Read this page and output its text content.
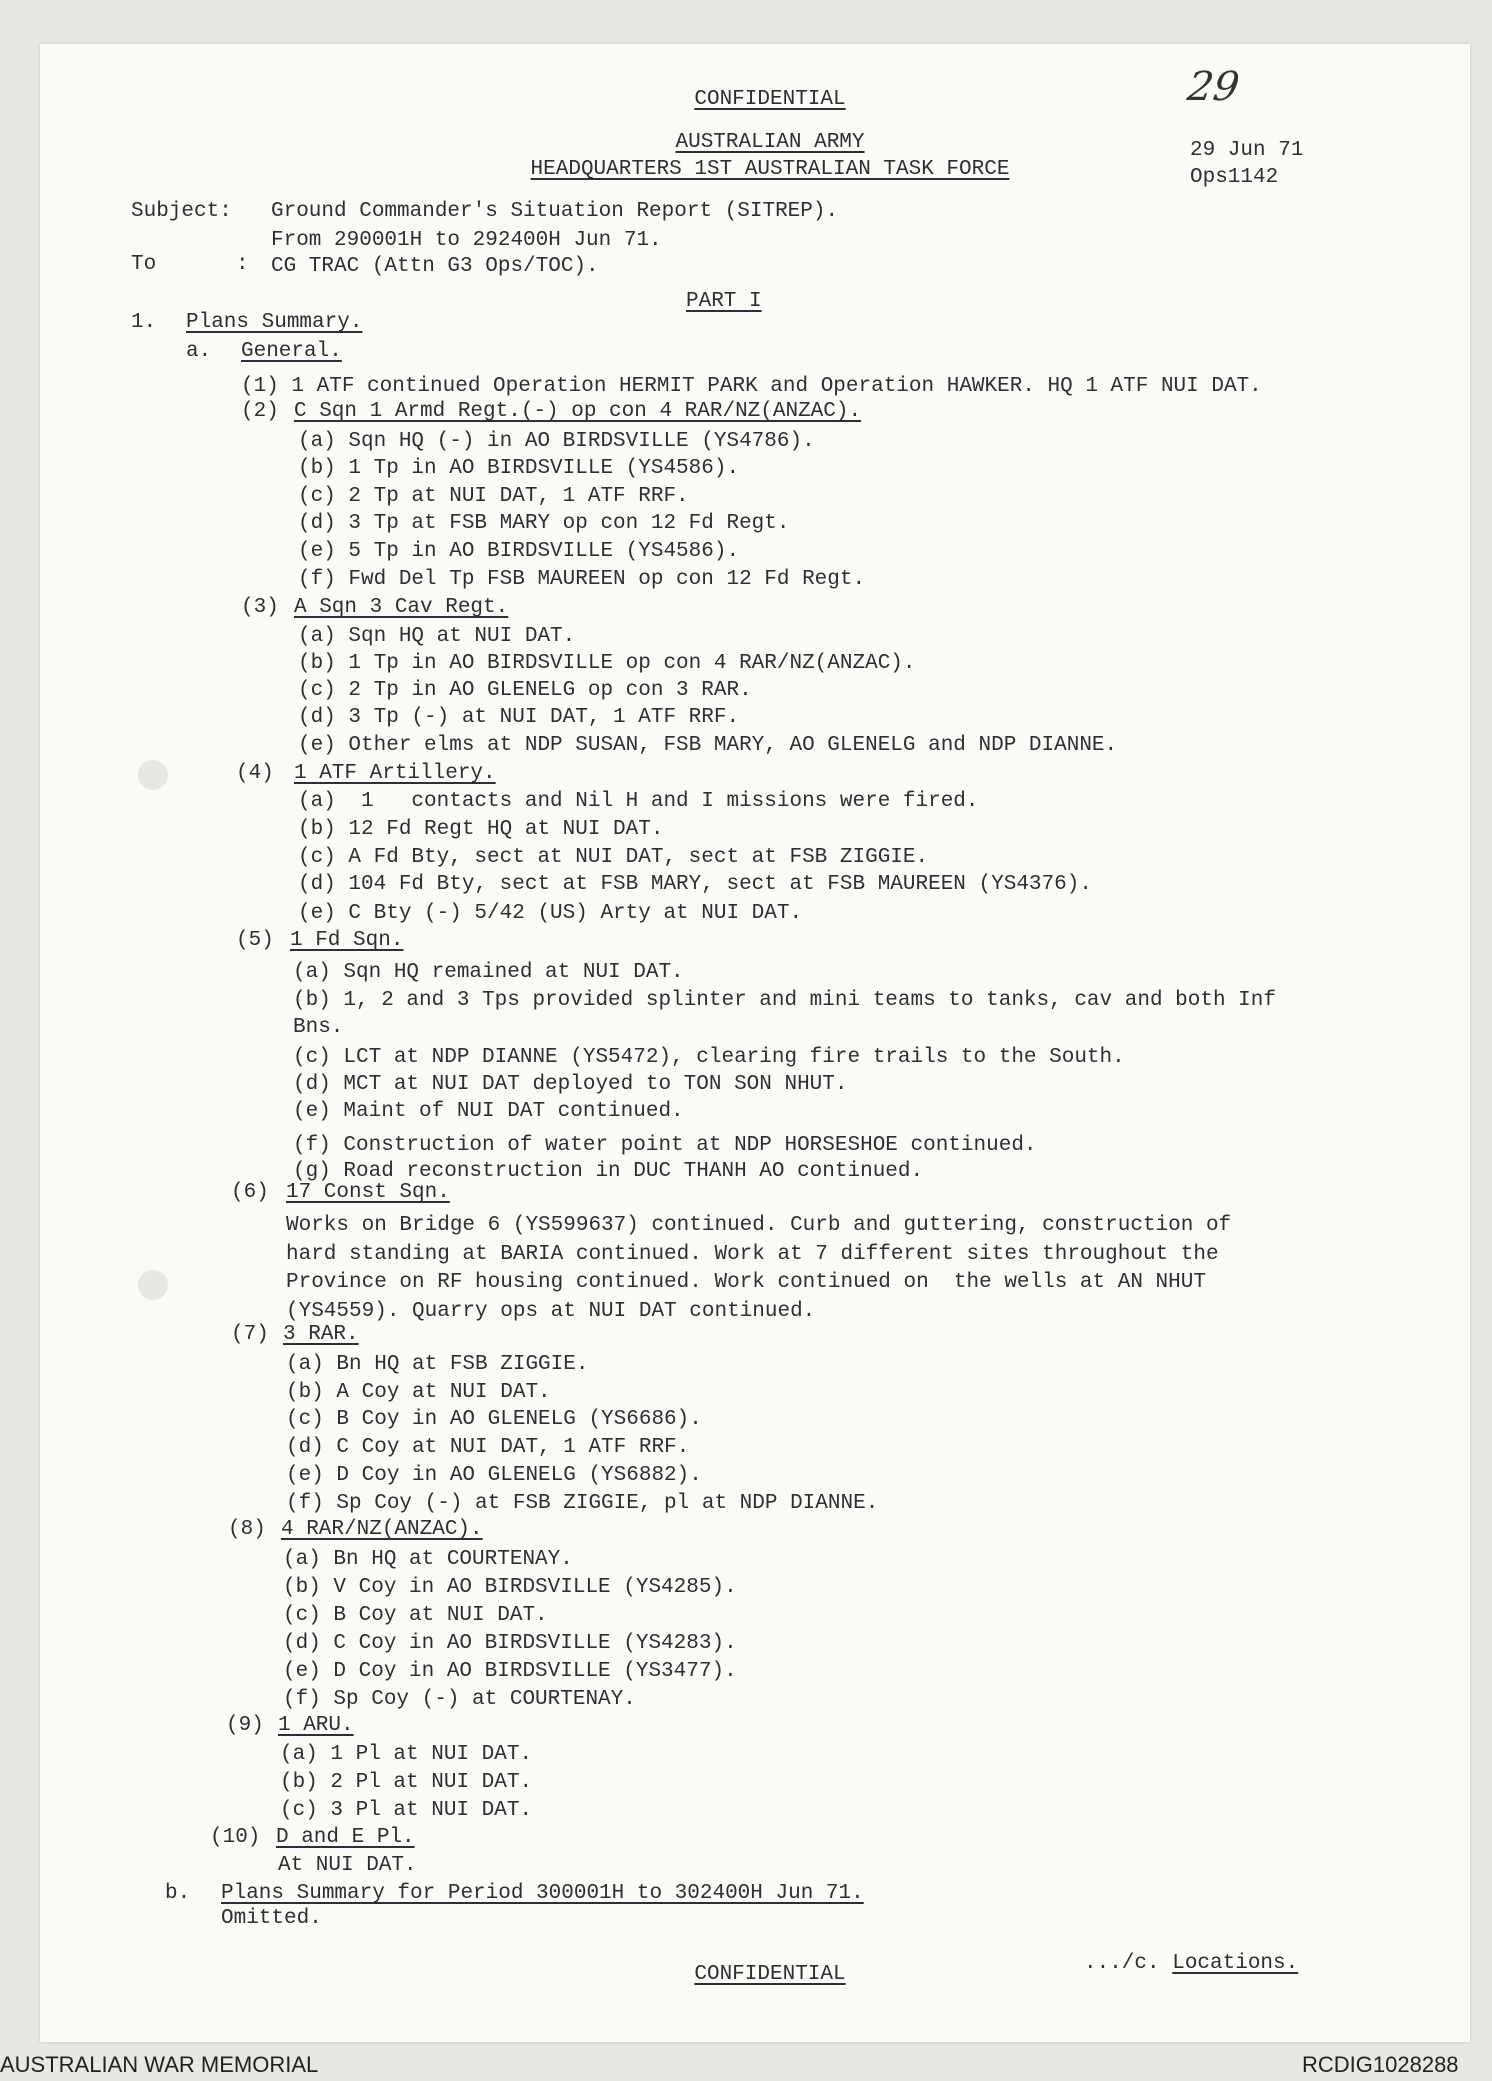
29
CONFIDENTIAL
AUSTRALIAN ARMY
HEADQUARTERS 1ST AUSTRALIAN TASK FORCE
29 Jun 71
Ops1142
Subject: Ground Commander's Situation Report (SITREP).
From 290001H to 292400H Jun 71.
To	: CG TRAC (Attn G3 Ops/TOC).
PART I
1. Plans Summary.
a. General.
(1) 1 ATF continued Operation HERMIT PARK and Operation HAWKER. HQ 1 ATF NUI DAT.
(2) C Sqn 1 Armd Regt.(-) op con 4 RAR/NZ(ANZAC).
(a) Sqn HQ (-) in AO BIRDSVILLE (YS4786).
(b) 1 Tp in AO BIRDSVILLE (YS4586).
(c) 2 Tp at NUI DAT, 1 ATF RRF.
(d) 3 Tp at FSB MARY op con 12 Fd Regt.
(e) 5 Tp in AO BIRDSVILLE (YS4586).
(f) Fwd Del Tp FSB MAUREEN op con 12 Fd Regt.
(3) A Sqn 3 Cav Regt.
(a) Sqn HQ at NUI DAT.
(b) 1 Tp in AO BIRDSVILLE op con 4 RAR/NZ(ANZAC).
(c) 2 Tp in AO GLENELG op con 3 RAR.
(d) 3 Tp (-) at NUI DAT, 1 ATF RRF.
(e) Other elms at NDP SUSAN, FSB MARY, AO GLENELG and NDP DIANNE.
(4) 1 ATF Artillery.
(a)  1   contacts and Nil H and I missions were fired.
(b) 12 Fd Regt HQ at NUI DAT.
(c) A Fd Bty, sect at NUI DAT, sect at FSB ZIGGIE.
(d) 104 Fd Bty, sect at FSB MARY, sect at FSB MAUREEN (YS4376).
(e) C Bty (-) 5/42 (US) Arty at NUI DAT.
(5) 1 Fd Sqn.
(a) Sqn HQ remained at NUI DAT.
(b) 1, 2 and 3 Tps provided splinter and mini teams to tanks, cav and both Inf
Bns.
(c) LCT at NDP DIANNE (YS5472), clearing fire trails to the South.
(d) MCT at NUI DAT deployed to TON SON NHUT.
(e) Maint of NUI DAT continued.
(f) Construction of water point at NDP HORSESHOE continued.
(g) Road reconstruction in DUC THANH AO continued.
(6) 17 Const Sqn.
Works on Bridge 6 (YS599637) continued. Curb and guttering, construction of
hard standing at BARIA continued. Work at 7 different sites throughout the
Province on RF housing continued. Work continued on  the wells at AN NHUT
(YS4559). Quarry ops at NUI DAT continued.
(7) 3 RAR.
(a) Bn HQ at FSB ZIGGIE.
(b) A Coy at NUI DAT.
(c) B Coy in AO GLENELG (YS6686).
(d) C Coy at NUI DAT, 1 ATF RRF.
(e) D Coy in AO GLENELG (YS6882).
(f) Sp Coy (-) at FSB ZIGGIE, pl at NDP DIANNE.
(8) 4 RAR/NZ(ANZAC).
(a) Bn HQ at COURTENAY.
(b) V Coy in AO BIRDSVILLE (YS4285).
(c) B Coy at NUI DAT.
(d) C Coy in AO BIRDSVILLE (YS4283).
(e) D Coy in AO BIRDSVILLE (YS3477).
(f) Sp Coy (-) at COURTENAY.
(9) 1 ARU.
(a) 1 Pl at NUI DAT.
(b) 2 Pl at NUI DAT.
(c) 3 Pl at NUI DAT.
(10) D and E Pl.
At NUI DAT.
b. Plans Summary for Period 300001H to 302400H Jun 71.
Omitted.
.../c. Locations.
CONFIDENTIAL
AUSTRALIAN WAR MEMORIAL	RCDIG1028288
